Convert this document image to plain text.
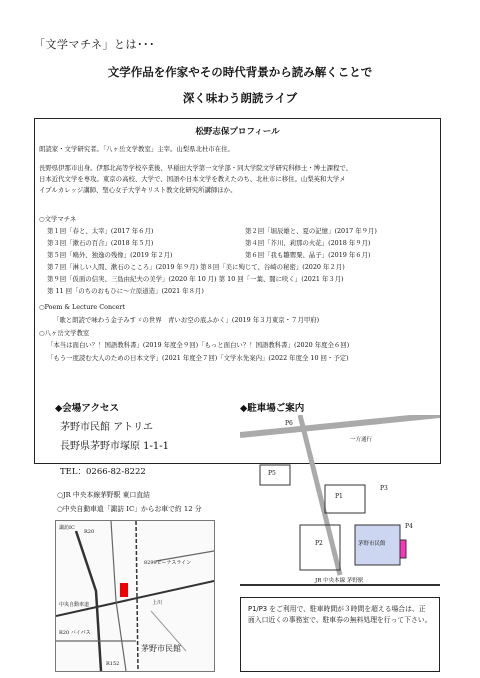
「文学マチネ」とは･･･
文学作品を作家やその時代背景から読み解くことで
深く味わう朗読ライブ
松野志保プロフィール
朗読家・文学研究者。「八ヶ岳文学教室」主宰。山梨県北杜市在住。
長野県伊那市出身。伊那北高等学校卒業後、早稲田大学第一文学部・同大学院文学研究科修士・博士課程で、
日本近代文学を専攻。東京の高校、大学で、国語や日本文学を教えたのち、北杜市に移住。山梨英和大学メ
イプルカレッジ講師、聖心女子大学キリスト教文化研究所講師ほか。
○文学マチネ
第１回「春と、太宰」(2017 年６月)	第２回「堀辰雄と、夏の記憶」(2017 年９月)
第３回「漱石の百合」(2018 年５月)	第４回「芥川、莉那の火花」(2018 年９月)
第５回「鴎外、独逸の残像」(2019 年２月)	第６回「我も雛罌粟、晶子」(2019 年６月)
第７回「淋しい人間、漱石のこころ」(2019 年９月) 第８回「美に殉じて、谷崎の秘密」(2020 年２月)
第９回「仮面の信実、三島由紀夫の美学」(2020 年 10 月) 第 10 回「一葉、闇に咲く」(2021 年３月)
第 11 回「のちのおもひに～立原道造」(2021 年８月)
○Poem & Lecture Concert
「歌と朗読で味わう金子みすゞの世界　青いお空の底ふかく」(2019 年３月東京・７月甲府)
○八ヶ岳文学教室
「本当は面白い？！国語教科書」(2019 年度全９回)「もっと面白い？！国語教科書」(2020 年度全６回)
「もう一度読む大人のための日本文学」(2021 年度全７回)「文学水先案内」(2022 年度全 10 回・予定)
◆会場アクセス
茅野市民館 アトリエ
長野県茅野市塚原 1-1-1
TEL：0266-82-8222
○JR 中央本線茅野駅 東口直結
○中央自動車道「諏訪 IC」からお車で約 12 分
諏訪IC
R20
中央自動車道
8299ビーナスライン
上川
R20 バイパス
R152
茅野市民館
◆駐車場ご案内
P6
P5
P1
P2
P3
P4
茅野市民館
一方通行
JR 中央本線 茅野駅
P1/P3 をご利用で、駐車時間が３時間を超える場合は、正面入口近くの事務室で、駐車券の無料処理を行って下さい。
